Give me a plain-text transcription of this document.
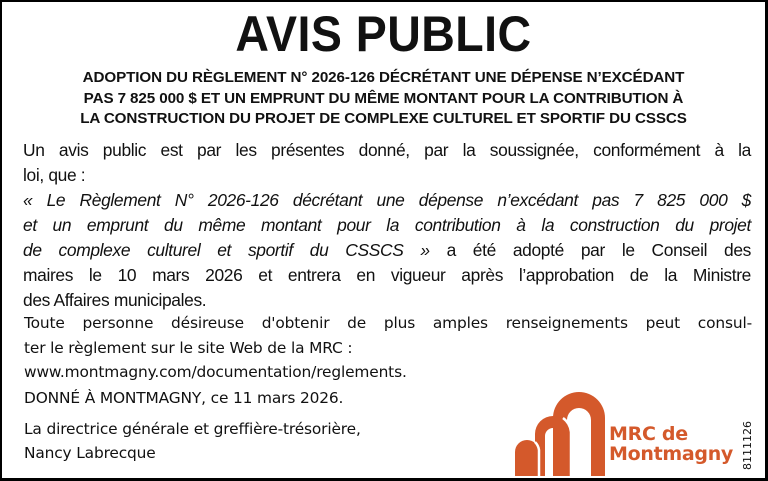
AVIS PUBLIC
ADOPTION DU RÈGLEMENT N° 2026-126 DÉCRÉTANT UNE DÉPENSE N’EXCÉDANT
PAS 7 825 000 $ ET UN EMPRUNT DU MÊME MONTANT POUR LA CONTRIBUTION À
LA CONSTRUCTION DU PROJET DE COMPLEXE CULTUREL ET SPORTIF DU CSSCS
Un avis public est par les présentes donné, par la soussignée, conformément à la
loi, que :
« Le Règlement N° 2026-126 décrétant une dépense n’excédant pas 7 825 000 $
et un emprunt du même montant pour la contribution à la construction du projet
de complexe culturel et sportif du CSSCS » a été adopté par le Conseil des
maires le 10 mars 2026 et entrera en vigueur après l’approbation de la Ministre
des Affaires municipales.
Toute personne désireuse d'obtenir de plus amples renseignements peut consul-
ter le règlement sur le site Web de la MRC :
www.montmagny.com/documentation/reglements.
DONNÉ À MONTMAGNY, ce 11 mars 2026.
La directrice générale et greffière-trésorière,
Nancy Labrecque
MRC de
Montmagny 8111126
